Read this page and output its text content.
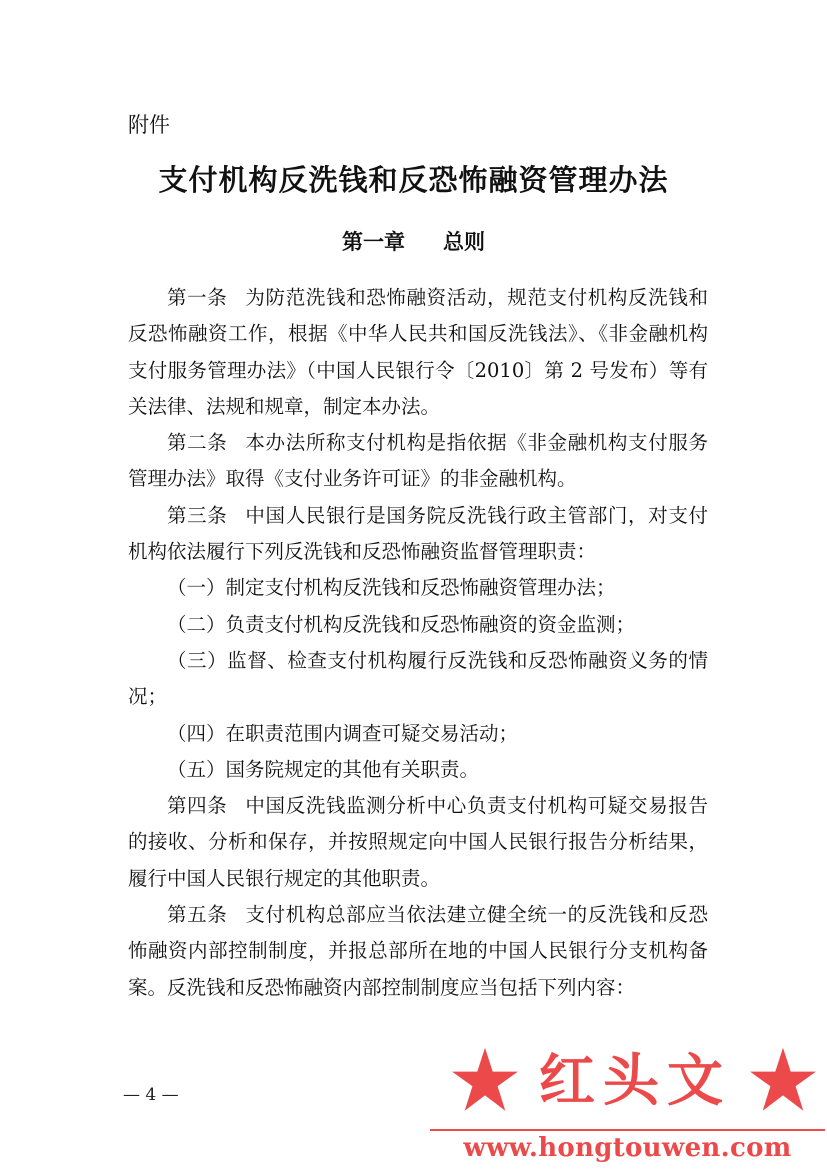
附件
支付机构反洗钱和反恐怖融资管理办法
第一章 总则

第一条 为防范洗钱和恐怖融资活动，规范支付机构反洗钱和反恐怖融资工作，根据《中华人民共和国反洗钱法》、《非金融机构支付服务管理办法》（中国人民银行令〔2010〕第 2 号发布）等有关法律、法规和规章，制定本办法。

第二条 本办法所称支付机构是指依据《非金融机构支付服务管理办法》取得《支付业务许可证》的非金融机构。

第三条 中国人民银行是国务院反洗钱行政主管部门，对支付机构依法履行下列反洗钱和反恐怖融资监督管理职责：

（一）制定支付机构反洗钱和反恐怖融资管理办法；

（二）负责支付机构反洗钱和反恐怖融资的资金监测；

（三）监督、检查支付机构履行反洗钱和反恐怖融资义务的情况；

（四）在职责范围内调查可疑交易活动；

（五）国务院规定的其他有关职责。

第四条 中国反洗钱监测分析中心负责支付机构可疑交易报告的接收、分析和保存，并按照规定向中国人民银行报告分析结果，履行中国人民银行规定的其他职责。

第五条 支付机构总部应当依法建立健全统一的反洗钱和反恐怖融资内部控制制度，并报总部所在地的中国人民银行分支机构备案。反洗钱和反恐怖融资内部控制制度应当包括下列内容：

— 4 —	红头文
www.hongtouwen.com
